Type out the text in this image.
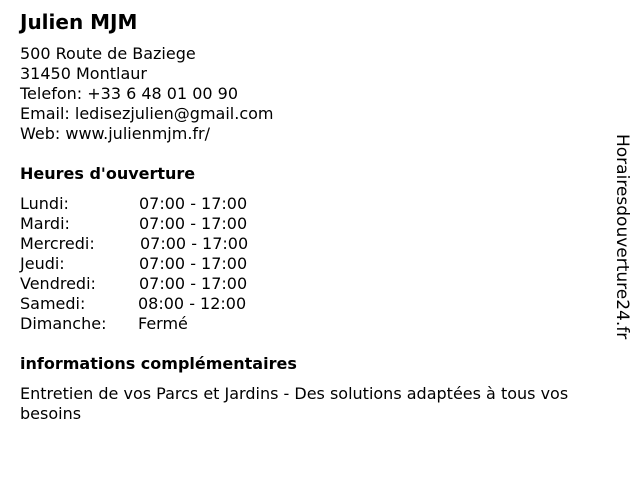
Julien MJM
500 Route de Baziege
31450 Montlaur
Telefon: +33 6 48 01 00 90
Email: ledisezjulien@gmail.com
Web: www.julienmjm.fr/
Heures d'ouverture
Lundi:	07:00 - 17:00
Mardi:	07:00 - 17:00
Mercredi:	07:00 - 17:00
Jeudi:	07:00 - 17:00
Vendredi:	07:00 - 17:00
Samedi:	08:00 - 12:00
Dimanche: Fermé
informations complémentaires
Entretien de vos Parcs et Jardins - Des solutions adaptées à tous vos besoins
Horairesdouverture24.fr
